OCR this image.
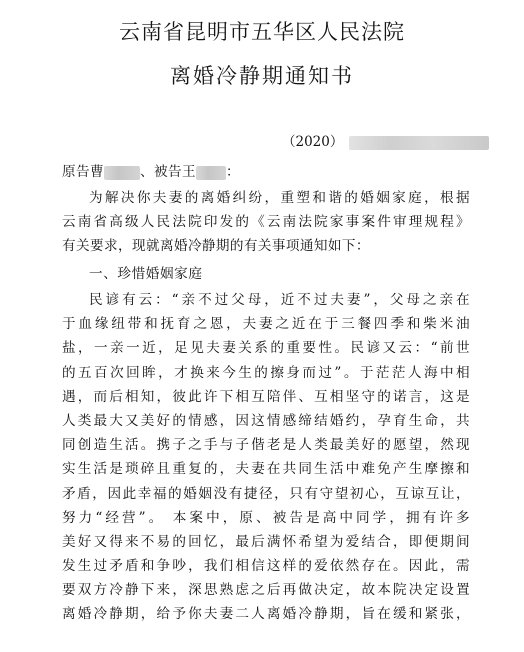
云南省昆明市五华区人民法院
离婚冷静期通知书
（2020）
原告曹	、被告王 ：
为解决你夫妻的离婚纠纷，重塑和谐的婚姻家庭，根据
云南省高级人民法院印发的《云南法院家事案件审理规程》
有关要求，现就离婚冷静期的有关事项通知如下：
一、珍惜婚姻家庭
民谚有云：“亲不过父母，近不过夫妻”，父母之亲在
于血缘纽带和抚育之恩，夫妻之近在于三餐四季和柴米油
盐，一亲一近，足见夫妻关系的重要性。民谚又云：“前世
的五百次回眸，才换来今生的擦身而过”。于茫茫人海中相
遇，而后相知，彼此许下相互陪伴、互相坚守的诺言，这是
人类最大又美好的情感，因这情感缔结婚约，孕育生命，共
同创造生活。携子之手与子偕老是人类最美好的愿望，然现
实生活是琐碎且重复的，夫妻在共同生活中难免产生摩擦和
矛盾，因此幸福的婚姻没有捷径，只有守望初心，互谅互让，
努力“经营”。 本案中，原、被告是高中同学，拥有许多
美好又得来不易的回忆，最后满怀希望为爱结合，即便期间
发生过矛盾和争吵，我们相信这样的爱依然存在。因此，需
要双方冷静下来，深思熟虑之后再做决定，故本院决定设置
离婚冷静期，给予你夫妻二人离婚冷静期，旨在缓和紧张，
